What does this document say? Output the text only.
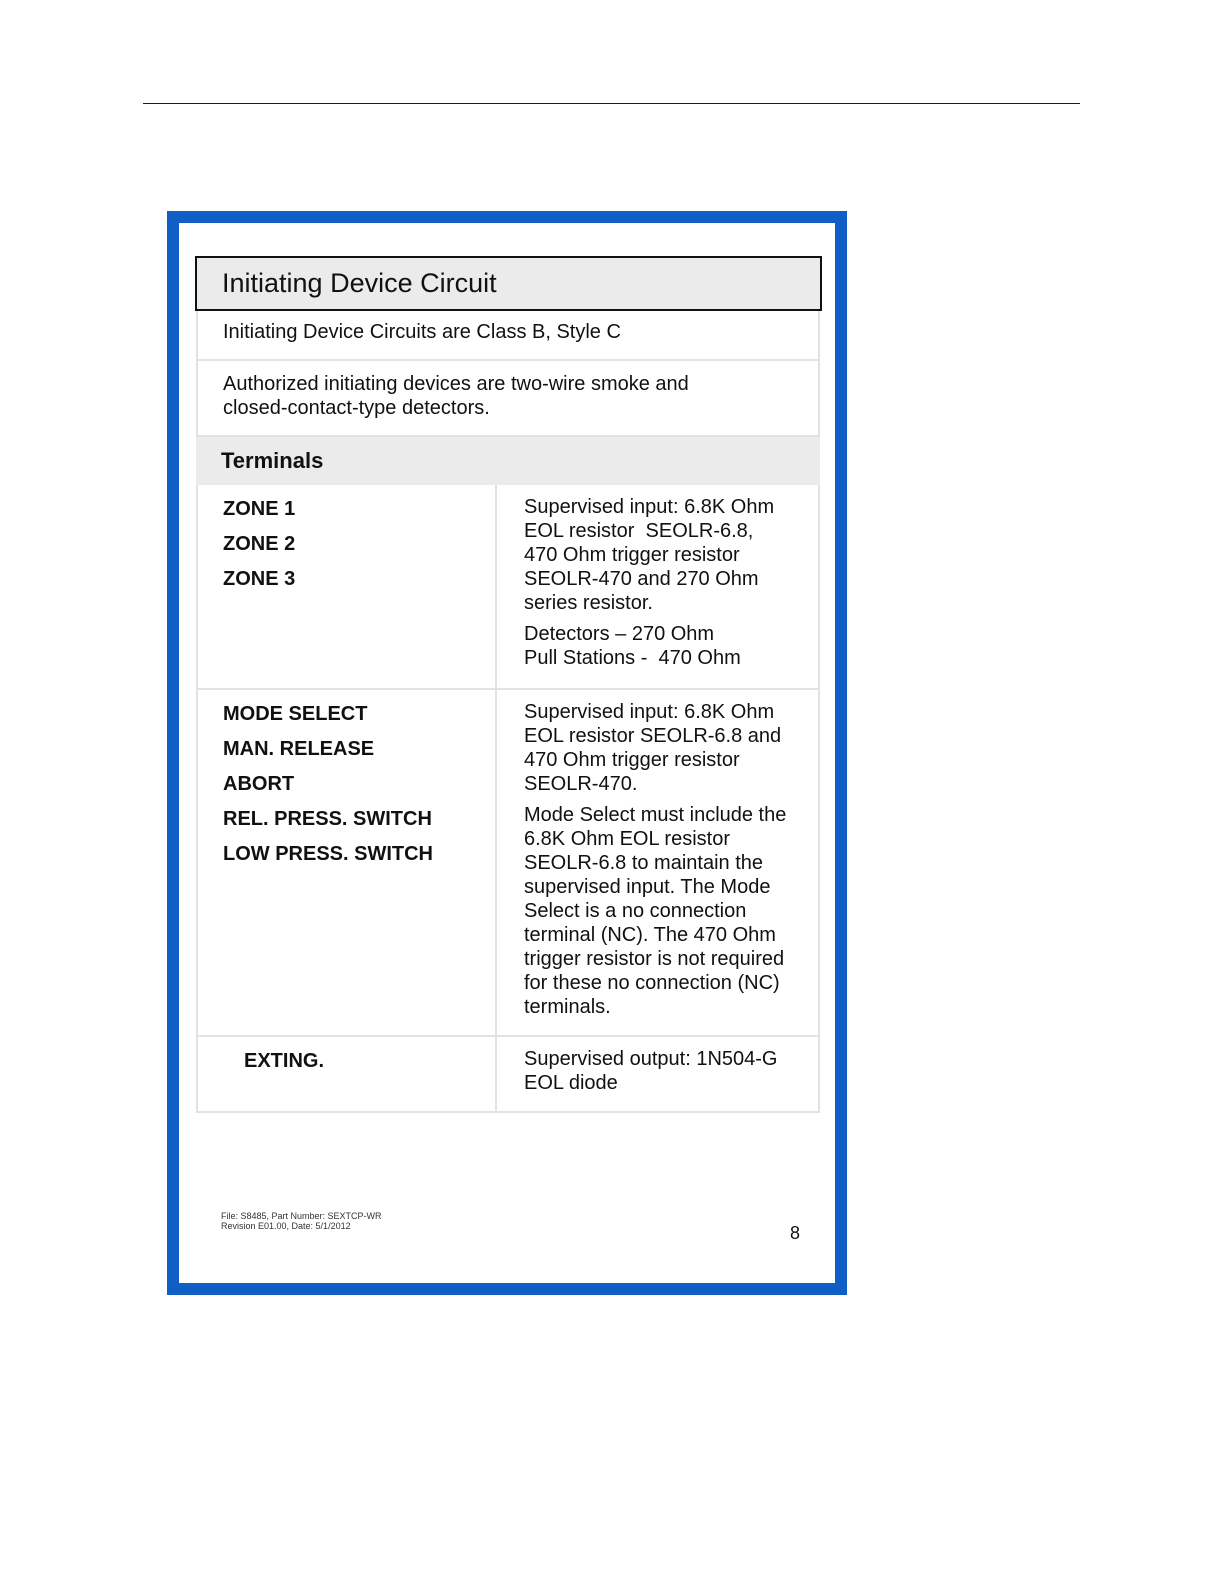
Initiating Device Circuit
Initiating Device Circuits are Class B, Style C
Authorized initiating devices are two-wire smoke and
closed-contact-type detectors.
Terminals
ZONE 1
ZONE 2
ZONE 3

Supervised input: 6.8K Ohm
EOL resistor  SEOLR-6.8,
470 Ohm trigger resistor
SEOLR-470 and 270 Ohm
series resistor.

Detectors – 270 Ohm
Pull Stations -  470 Ohm

MODE SELECT
MAN. RELEASE
ABORT
REL. PRESS. SWITCH
LOW PRESS. SWITCH

Supervised input: 6.8K Ohm
EOL resistor SEOLR-6.8 and
470 Ohm trigger resistor
SEOLR-470.

Mode Select must include the
6.8K Ohm EOL resistor
SEOLR-6.8 to maintain the
supervised input. The Mode
Select is a no connection
terminal (NC). The 470 Ohm
trigger resistor is not required
for these no connection (NC)
terminals.

EXTING.	Supervised output: 1N504-G
EOL diode

File: S8485, Part Number: SEXTCP-WR
Revision E01.00, Date: 5/1/2012	8
